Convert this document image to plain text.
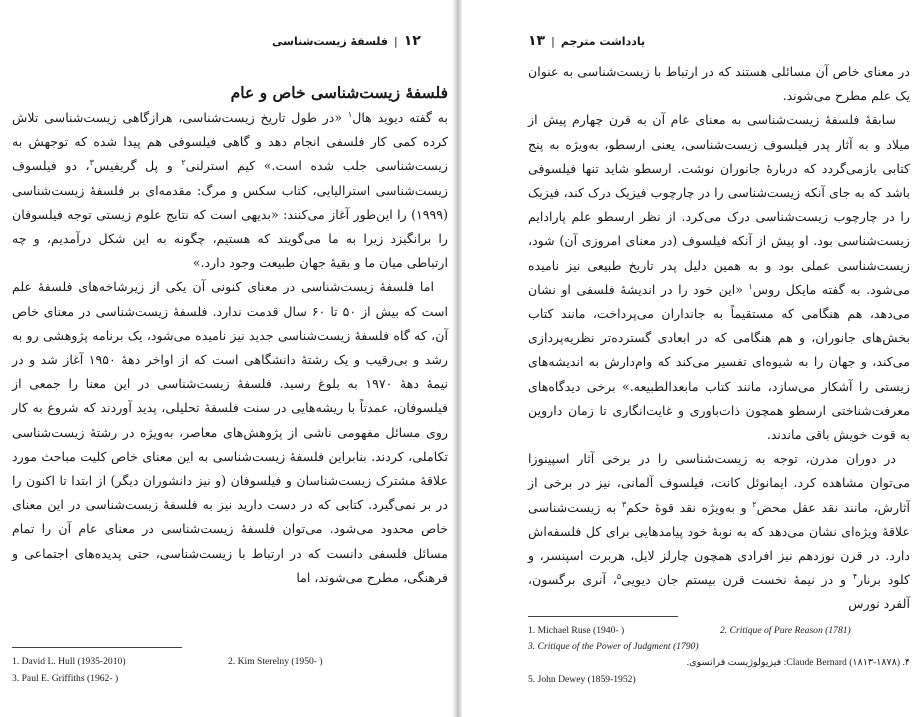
۱۲|فلسفهٔ زیست‌شناسی

فلسفهٔ زیست‌شناسی خاص و عام

به گفته دیوید هال$^۱$ «در طول تاریخ زیست‌شناسی، هرازگاهی زیست‌شناسی تلاش کرده کمی کار فلسفی انجام دهد و گاهی فیلسوفی هم پیدا شده که توجهش به زیست‌شناسی جلب شده است.» کیم استرلنی$^۲$ و پل گریفیس$^۳$، دو فیلسوف زیست‌شناسی استرالیایی، کتاب سکس و مرگ: مقدمه‌ای بر فلسفهٔ زیست‌شناسی (۱۹۹۹) را این‌طور آغاز می‌کنند: «بدیهی است که نتایج علوم زیستی توجه فیلسوفان را برانگیزد زیرا به ما می‌گویند که هستیم، چگونه به این شکل درآمدیم، و چه ارتباطی میان ما و بقیهٔ جهان طبیعت وجود دارد.»

اما فلسفهٔ زیست‌شناسی در معنای کنونی آن یکی از زیرشاخه‌های فلسفهٔ علم است که بیش از ۵۰ تا ۶۰ سال قدمت ندارد. فلسفهٔ زیست‌شناسی در معنای خاص آن، که گاه فلسفهٔ زیست‌شناسی جدید نیز نامیده می‌شود، یک برنامه پژوهشی رو به رشد و بی‌رقیب و یک رشتهٔ دانشگاهی است که از اواخر دههٔ ۱۹۵۰ آغاز شد و در نیمهٔ دههٔ ۱۹۷۰ به بلوغ رسید. فلسفهٔ زیست‌شناسی در این معنا را جمعی از فیلسوفان، عمدتاً با ریشه‌هایی در سنت فلسفهٔ تحلیلی، پدید آوردند که شروع به کار روی مسائل مفهومی ناشی از پژوهش‌های معاصر، به‌ویژه در رشتهٔ زیست‌شناسی تکاملی، کردند. بنابراین فلسفهٔ زیست‌شناسی به این معنای خاص کلیت مباحث مورد علاقهٔ مشترک زیست‌شناسان و فیلسوفان (و نیز دانشوران دیگر) از ابتدا تا اکنون را در بر نمی‌گیرد. کتابی که در دست دارید نیز به فلسفهٔ زیست‌شناسی در این معنای خاص محدود می‌شود. می‌توان فلسفهٔ زیست‌شناسی در معنای عام آن را تمام مسائل فلسفی دانست که در ارتباط با زیست‌شناسی، حتی پدیده‌های اجتماعی و فرهنگی، مطرح می‌شوند، اما

1. David L. Hull (1935-2010)	2. Kim Sterelny (1950- )
3. Paul E. Griffiths (1962- )
یادداشت مترجم|۱۳

در معنای خاص آن مسائلی هستند که در ارتباط با زیست‌شناسی به عنوان یک علم مطرح می‌شوند.

سابقهٔ فلسفهٔ زیست‌شناسی به معنای عام آن به قرن چهارم پیش از میلاد و به آثار پدر فیلسوف زیست‌شناسی، یعنی ارسطو، به‌ویژه به پنج کتابی بازمی‌گردد که دربارهٔ جانوران نوشت. ارسطو شاید تنها فیلسوفی باشد که به جای آنکه زیست‌شناسی را در چارچوب فیزیک درک کند، فیزیک را در چارچوب زیست‌شناسی درک می‌کرد. از نظر ارسطو علم پارادایم زیست‌شناسی بود. او پیش از آنکه فیلسوف (در معنای امروزی آن) شود، زیست‌شناسی عملی بود و به همین دلیل پدر تاریخ طبیعی نیز نامیده می‌شود. به گفته مایکل روس$^۱$ «این خود را در اندیشهٔ فلسفی او نشان می‌دهد، هم هنگامی که مستقیماً به جانداران می‌پرداخت، مانند کتاب بخش‌های جانوران، و هم هنگامی که در ابعادی گسترده‌تر نظریه‌پردازی می‌کند، و جهان را به شیوه‌ای تفسیر می‌کند که وام‌دارش به اندیشه‌های زیستی را آشکار می‌سازد، مانند کتاب مابعدالطبیعه.» برخی دیدگاه‌های معرفت‌شناختی ارسطو همچون ذات‌باوری و غایت‌انگاری تا زمان داروین به قوت خویش باقی ماندند.

در دوران مدرن، توجه به زیست‌شناسی را در برخی آثار اسپینوزا می‌توان مشاهده کرد. ایمانوئل کانت، فیلسوف آلمانی، نیز در برخی از آثارش، مانند نقد عقل محض$^۲$ و به‌ویژه نقد قوهٔ حکم$^۳$ به زیست‌شناسی علاقهٔ ویژه‌ای نشان می‌دهد که به نوبهٔ خود پیامدهایی برای کل فلسفه‌اش دارد. در قرن نوزدهم نیز افرادی همچون چارلز لایل، هربرت اسپنسر، و کلود برنار$^۴$ و در نیمهٔ نخست قرن بیستم جان دیویی$^۵$، آنری برگسون، آلفرد نورس

1. Michael Ruse (1940- )	2. Critique of Pure Reason (1781)
3. Critique of the Power of Judgment (1790)
۴. Claude Bernard (۱۸۱۳-۱۸۷۸): فیزیولوژیست فرانسوی.
5. John Dewey (1859-1952)
